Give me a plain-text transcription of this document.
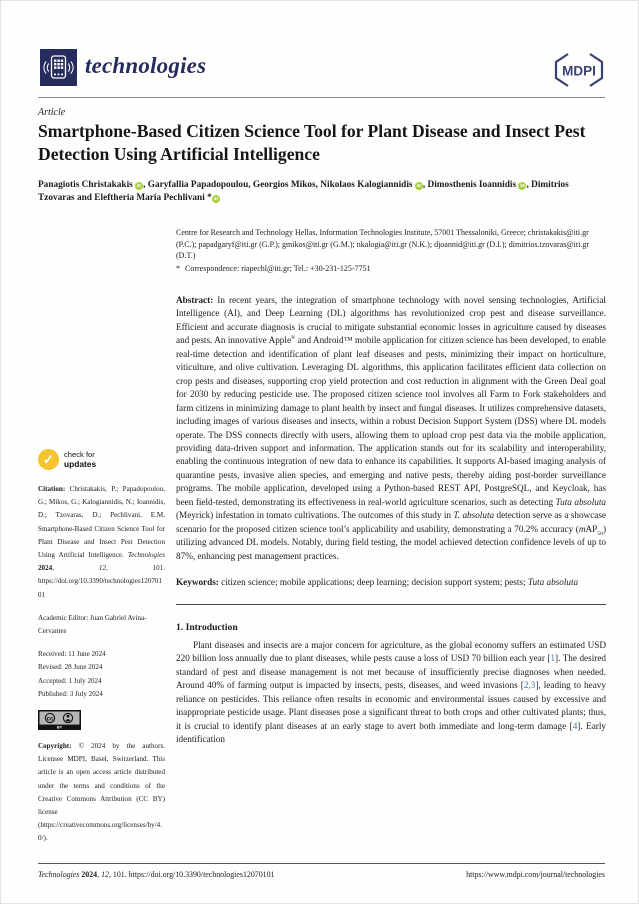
technologies	MDPI
Article
Smartphone-Based Citizen Science Tool for Plant Disease and Insect Pest Detection Using Artificial Intelligence
Panagiotis Christakakis iD , Garyfallia Papadopoulou, Georgios Mikos, Nikolaos Kalogiannidis iD , Dimosthenis Ioannidis iD , Dimitrios Tzovaras and Eleftheria Maria Pechlivani * iD
Centre for Research and Technology Hellas, Information Technologies Institute, 57001 Thessaloniki, Greece; christakakis@iti.gr (P.C.); papadgaryf@iti.gr (G.P.); gmikos@iti.gr (G.M.); nkalogia@iti.gr (N.K.); djoannid@iti.gr (D.I.); dimitrios.tzovaras@iti.gr (D.T.)
* Correspondence: riapechl@iti.gr; Tel.: +30-231-125-7751
✓	check for
updates
Citation: Christakakis, P.; Papadopoulou, G.; Mikos, G.; Kalogiannidis, N.; Ioannidis, D.; Tzovaras, D.; Pechlivani, E.M. Smartphone-Based Citizen Science Tool for Plant Disease and Insect Pest Detection Using Artificial Intelligence. Technologies 2024, 12, 101. https://doi.org/10.3390/technologies12070101
Academic Editor: Juan Gabriel Avina-Cervantes
Received: 11 June 2024
Revised: 28 June 2024
Accepted: 1 July 2024
Published: 3 July 2024
cc
BY
Copyright: © 2024 by the authors. Licensee MDPI, Basel, Switzerland. This article is an open access article distributed under the terms and conditions of the Creative Commons Attribution (CC BY) license (https://creativecommons.org/licenses/by/4.0/).

Abstract: In recent years, the integration of smartphone technology with novel sensing technologies, Artificial Intelligence (AI), and Deep Learning (DL) algorithms has revolutionized crop pest and disease surveillance. Efficient and accurate diagnosis is crucial to mitigate substantial economic losses in agriculture caused by diseases and pests. An innovative Apple® and Android™ mobile application for citizen science has been developed, to enable real-time detection and identification of plant leaf diseases and pests, minimizing their impact on horticulture, viticulture, and olive cultivation. Leveraging DL algorithms, this application facilitates efficient data collection on crop pests and diseases, supporting crop yield protection and cost reduction in alignment with the Green Deal goal for 2030 by reducing pesticide use. The proposed citizen science tool involves all Farm to Fork stakeholders and farm citizens in minimizing damage to plant health by insect and fungal diseases. It utilizes comprehensive datasets, including images of various diseases and insects, within a robust Decision Support System (DSS) where DL models operate. The DSS connects directly with users, allowing them to upload crop pest data via the mobile application, providing data-driven support and information. The application stands out for its scalability and interoperability, enabling the continuous integration of new data to enhance its capabilities. It supports AI-based imaging analysis of quarantine pests, invasive alien species, and emerging and native pests, thereby aiding post-border surveillance programs. The mobile application, developed using a Python-based REST API, PostgreSQL, and Keycloak, has been field-tested, demonstrating its effectiveness in real-world agriculture scenarios, such as detecting Tuta absoluta (Meyrick) infestation in tomato cultivations. The outcomes of this study in T. absoluta detection serve as a showcase scenario for the proposed citizen science tool’s applicability and usability, demonstrating a 70.2% accuracy (mAP$_{50}$) utilizing advanced DL models. Notably, during field testing, the model achieved detection confidence levels of up to 87%, enhancing pest management practices.

Keywords: citizen science; mobile applications; deep learning; decision support system; pests; Tuta absoluta

1. Introduction

Plant diseases and insects are a major concern for agriculture, as the global economy suffers an estimated USD 220 billion loss annually due to plant diseases, while pests cause a loss of USD 70 billion each year [1]. The desired standard of pest and disease management is not met because of insufficiently precise diagnoses when needed. Around 40% of farming output is impacted by insects, pests, diseases, and weed invasions [2,3], leading to heavy reliance on pesticides. This reliance often results in economic and environmental issues caused by excessive and inappropriate pesticide usage. Plant diseases pose a significant threat to both crops and other cultivated plants; thus, it is crucial to identify plant diseases at an early stage to avert both immediate and long-term damage [4]. Early identification

Technologies 2024, 12, 101. https://doi.org/10.3390/technologies12070101	https://www.mdpi.com/journal/technologies
